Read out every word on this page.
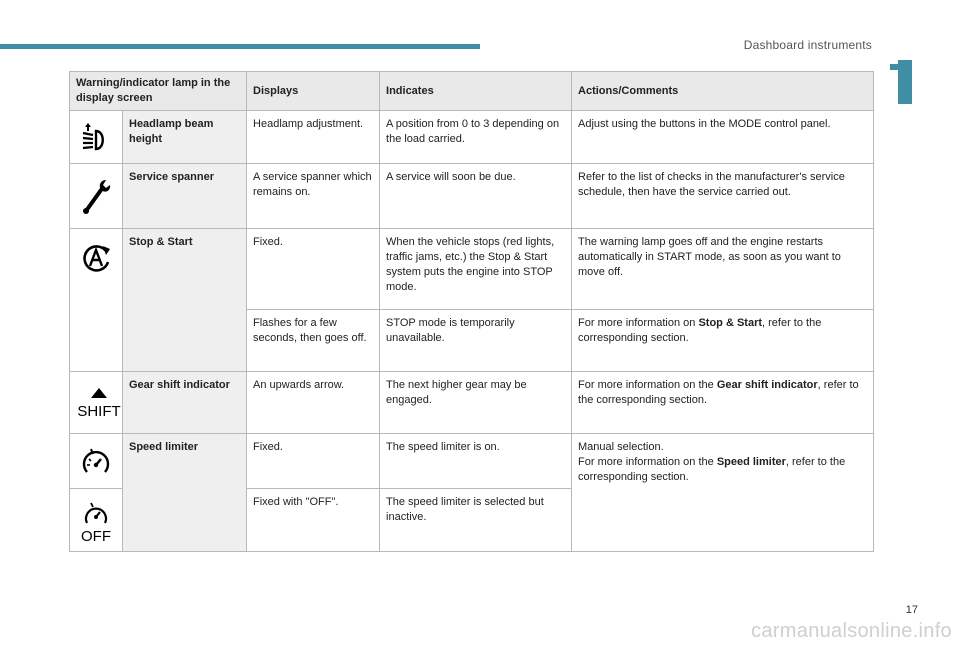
Dashboard instruments
Warning/indicator lamp in the display screen		Displays	Indicates	Actions/Comments

	Headlamp beam height	Headlamp adjustment.	A position from 0 to 3 depending on the load carried.	Adjust using the buttons in the MODE control panel.

	Service spanner	A service spanner which remains on.	A service will soon be due.	Refer to the list of checks in the manufacturer's service schedule, then have the service carried out.

	Stop & Start	Fixed.	When the vehicle stops (red lights, traffic jams, etc.) the Stop & Start system puts the engine into STOP mode.	The warning lamp goes off and the engine restarts automatically in START mode, as soon as you want to move off.
		Flashes for a few seconds, then goes off.	STOP mode is temporarily unavailable.	For more information on Stop & Start, refer to the corresponding section.

SHIFT	Gear shift indicator	An upwards arrow.	The next higher gear may be engaged.	For more information on the Gear shift indicator, refer to the corresponding section.

	Speed limiter	Fixed.	The speed limiter is on.	Manual selection.
For more information on the Speed limiter, refer to the corresponding section.

OFF		Fixed with "OFF".	The speed limiter is selected but inactive.	
17
carmanualsonline.info
